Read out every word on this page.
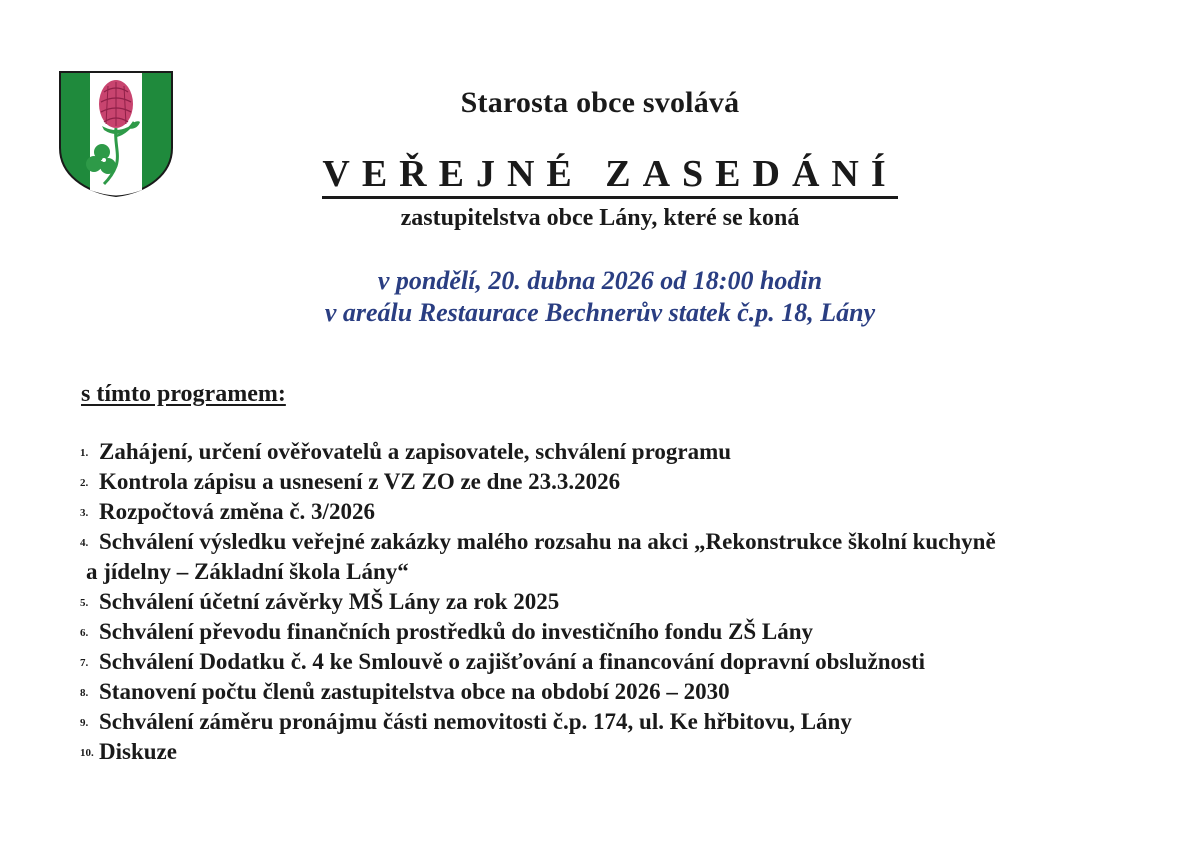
Starosta obce svolává
VEŘEJNÉ ZASEDÁNÍ
zastupitelstva obce Lány, které se koná
v pondělí, 20. dubna 2026 od 18:00 hodin
v areálu Restaurace Bechnerův statek č.p. 18, Lány
s tímto programem:
1. Zahájení, určení ověřovatelů a zapisovatele, schválení programu
2. Kontrola zápisu a usnesení z VZ ZO ze dne 23.3.2026
3. Rozpočtová změna č. 3/2026
4. Schválení výsledku veřejné zakázky malého rozsahu na akci „Rekonstrukce školní kuchyně
a jídelny – Základní škola Lány“
5. Schválení účetní závěrky MŠ Lány za rok 2025
6. Schválení převodu finančních prostředků do investičního fondu ZŠ Lány
7. Schválení Dodatku č. 4 ke Smlouvě o zajišťování a financování dopravní obslužnosti
8. Stanovení počtu členů zastupitelstva obce na období 2026 – 2030
9. Schválení záměru pronájmu části nemovitosti č.p. 174, ul. Ke hřbitovu, Lány
10. Diskuze
